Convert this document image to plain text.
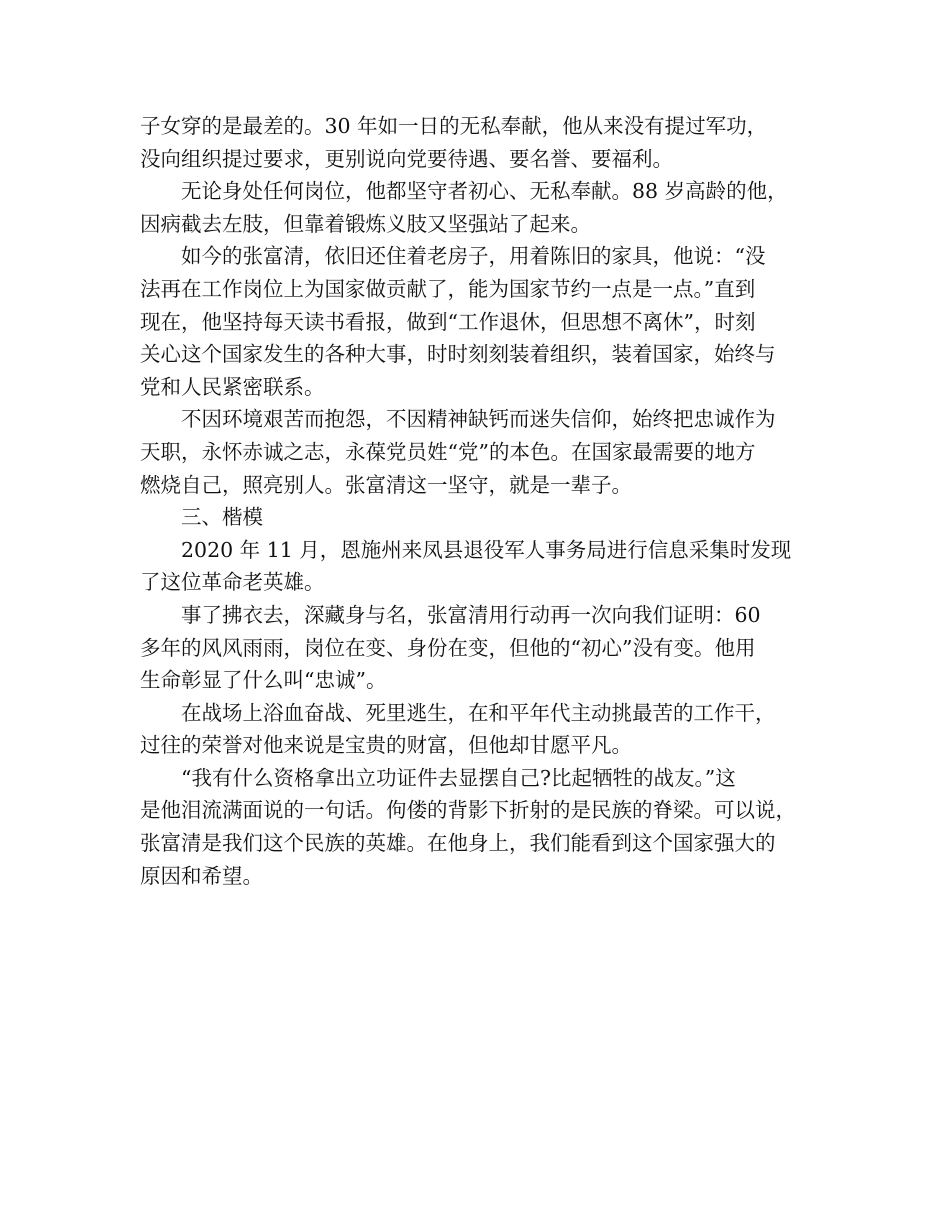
子女穿的是最差的。30 年如一日的无私奉献，他从来没有提过军功，
没向组织提过要求，更别说向党要待遇、要名誉、要福利。
无论身处任何岗位，他都坚守者初心、无私奉献。88 岁高龄的他，
因病截去左肢，但靠着锻炼义肢又坚强站了起来。
如今的张富清，依旧还住着老房子，用着陈旧的家具，他说：“没
法再在工作岗位上为国家做贡献了，能为国家节约一点是一点。”直到
现在，他坚持每天读书看报，做到“工作退休，但思想不离休”，时刻
关心这个国家发生的各种大事，时时刻刻装着组织，装着国家，始终与
党和人民紧密联系。
不因环境艰苦而抱怨，不因精神缺钙而迷失信仰，始终把忠诚作为
天职，永怀赤诚之志，永葆党员姓“党”的本色。在国家最需要的地方
燃烧自己，照亮别人。张富清这一坚守，就是一辈子。
三、楷模
2020 年 11 月，恩施州来凤县退役军人事务局进行信息采集时发现
了这位革命老英雄。
事了拂衣去，深藏身与名，张富清用行动再一次向我们证明：60
多年的风风雨雨，岗位在变、身份在变，但他的“初心”没有变。他用
生命彰显了什么叫“忠诚”。
在战场上浴血奋战、死里逃生，在和平年代主动挑最苦的工作干，
过往的荣誉对他来说是宝贵的财富，但他却甘愿平凡。
“我有什么资格拿出立功证件去显摆自己?比起牺牲的战友。”这
是他泪流满面说的一句话。佝偻的背影下折射的是民族的脊梁。可以说，
张富清是我们这个民族的英雄。在他身上，我们能看到这个国家强大的
原因和希望。
